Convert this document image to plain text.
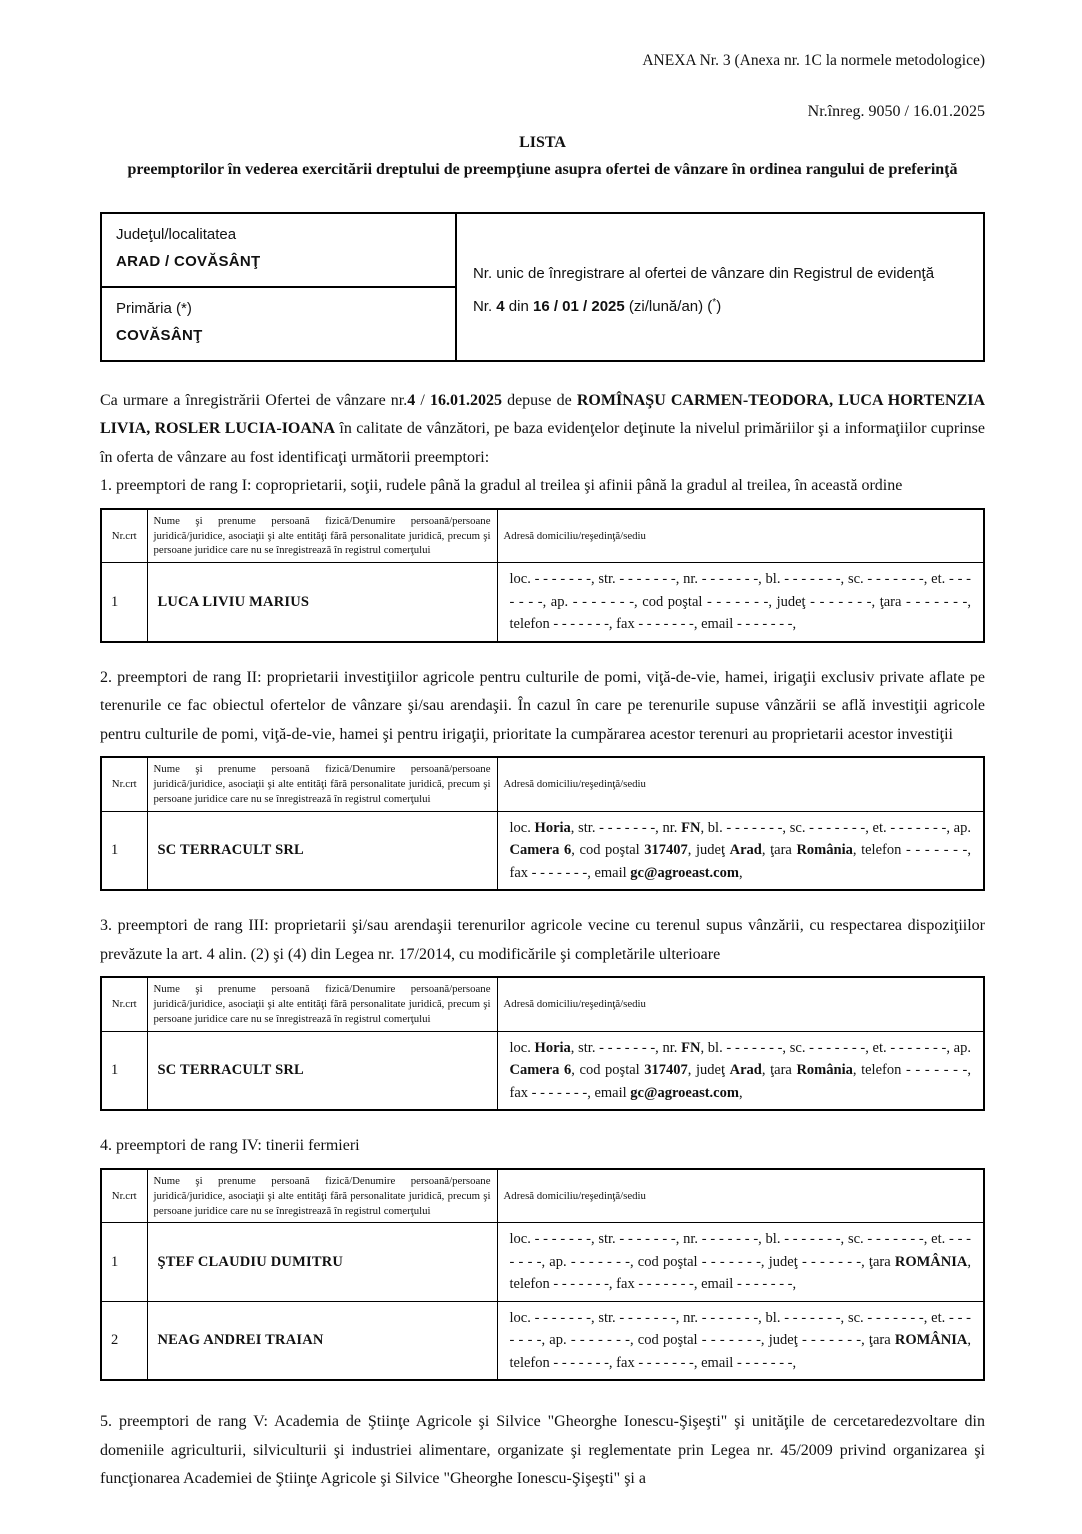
ANEXA Nr. 3 (Anexa nr. 1C la normele metodologice)
Nr.înreg. 9050 / 16.01.2025
LISTA
preemptorilor în vederea exercitării dreptului de preempţiune asupra ofertei de vânzare în ordinea rangului de preferinţă
Judeţul/localitatea
ARAD / COVĂSÂNŢ

Nr. unic de înregistrare al ofertei de vânzare din Registrul de evidenţă
Nr. 4 din 16 / 01 / 2025 (zi/lună/an) (*)

Primăria (*)
COVĂSÂNŢ

Ca urmare a înregistrării Ofertei de vânzare nr.4 / 16.01.2025 depuse de ROMÎNAŞU CARMEN-TEODORA, LUCA HORTENZIA LIVIA, ROSLER LUCIA-IOANA în calitate de vânzători, pe baza evidenţelor deţinute la nivelul primăriilor şi a informaţiilor cuprinse în oferta de vânzare au fost identificaţi următorii preemptori:

1. preemptori de rang I: coproprietarii, soţii, rudele până la gradul al treilea şi afinii până la gradul al treilea, în această ordine

Nr.crt	Nume şi prenume persoană fizică/Denumire persoană/persoane juridică/juridice, asociaţii şi alte entităţi fără personalitate juridică, precum şi persoane juridice care nu se înregistrează în registrul comerţului	Adresă domiciliu/reşedinţă/sediu
1	LUCA LIVIU MARIUS	loc. - - - - - - -, str. - - - - - - -, nr. - - - - - - -, bl. - - - - - - -, sc. - - - - - - -, et. - - - - - - -, ap. - - - - - - -, cod poştal - - - - - - -, judeţ - - - - - - -, ţara - - - - - - -, telefon - - - - - - -, fax - - - - - - -, email - - - - - - -,

2. preemptori de rang II: proprietarii investiţiilor agricole pentru culturile de pomi, viţă-de-vie, hamei, irigaţii exclusiv private aflate pe terenurile ce fac obiectul ofertelor de vânzare şi/sau arendaşii. În cazul în care pe terenurile supuse vânzării se află investiţii agricole pentru culturile de pomi, viţă-de-vie, hamei şi pentru irigaţii, prioritate la cumpărarea acestor terenuri au proprietarii acestor investiţii

Nr.crt	Nume şi prenume persoană fizică/Denumire persoană/persoane juridică/juridice, asociaţii şi alte entităţi fără personalitate juridică, precum şi persoane juridice care nu se înregistrează în registrul comerţului	Adresă domiciliu/reşedinţă/sediu
1	SC TERRACULT SRL	loc. Horia, str. - - - - - - -, nr. FN, bl. - - - - - - -, sc. - - - - - - -, et. - - - - - - -, ap. Camera 6, cod poştal 317407, judeţ Arad, ţara România, telefon - - - - - - -, fax - - - - - - -, email gc@agroeast.com,

3. preemptori de rang III: proprietarii şi/sau arendaşii terenurilor agricole vecine cu terenul supus vânzării, cu respectarea dispoziţiilor prevăzute la art. 4 alin. (2) şi (4) din Legea nr. 17/2014, cu modificările şi completările ulterioare

Nr.crt	Nume şi prenume persoană fizică/Denumire persoană/persoane juridică/juridice, asociaţii şi alte entităţi fără personalitate juridică, precum şi persoane juridice care nu se înregistrează în registrul comerţului	Adresă domiciliu/reşedinţă/sediu
1	SC TERRACULT SRL	loc. Horia, str. - - - - - - -, nr. FN, bl. - - - - - - -, sc. - - - - - - -, et. - - - - - - -, ap. Camera 6, cod poştal 317407, judeţ Arad, ţara România, telefon - - - - - - -, fax - - - - - - -, email gc@agroeast.com,

4. preemptori de rang IV: tinerii fermieri

Nr.crt	Nume şi prenume persoană fizică/Denumire persoană/persoane juridică/juridice, asociaţii şi alte entităţi fără personalitate juridică, precum şi persoane juridice care nu se înregistrează în registrul comerţului	Adresă domiciliu/reşedinţă/sediu
1	ŞTEF CLAUDIU DUMITRU	loc. - - - - - - -, str. - - - - - - -, nr. - - - - - - -, bl. - - - - - - -, sc. - - - - - - -, et. - - - - - - -, ap. - - - - - - -, cod poştal - - - - - - -, judeţ - - - - - - -, ţara ROMÂNIA, telefon - - - - - - -, fax - - - - - - -, email - - - - - - -,
2	NEAG ANDREI TRAIAN	loc. - - - - - - -, str. - - - - - - -, nr. - - - - - - -, bl. - - - - - - -, sc. - - - - - - -, et. - - - - - - -, ap. - - - - - - -, cod poştal - - - - - - -, judeţ - - - - - - -, ţara ROMÂNIA, telefon - - - - - - -, fax - - - - - - -, email - - - - - - -,

5. preemptori de rang V: Academia de Ştiinţe Agricole şi Silvice "Gheorghe Ionescu-Şişeşti" şi unităţile de cercetaredezvoltare din domeniile agriculturii, silviculturii şi industriei alimentare, organizate şi reglementate prin Legea nr. 45/2009 privind organizarea şi funcţionarea Academiei de Ştiinţe Agricole şi Silvice "Gheorghe Ionescu-Şişeşti" şi a
